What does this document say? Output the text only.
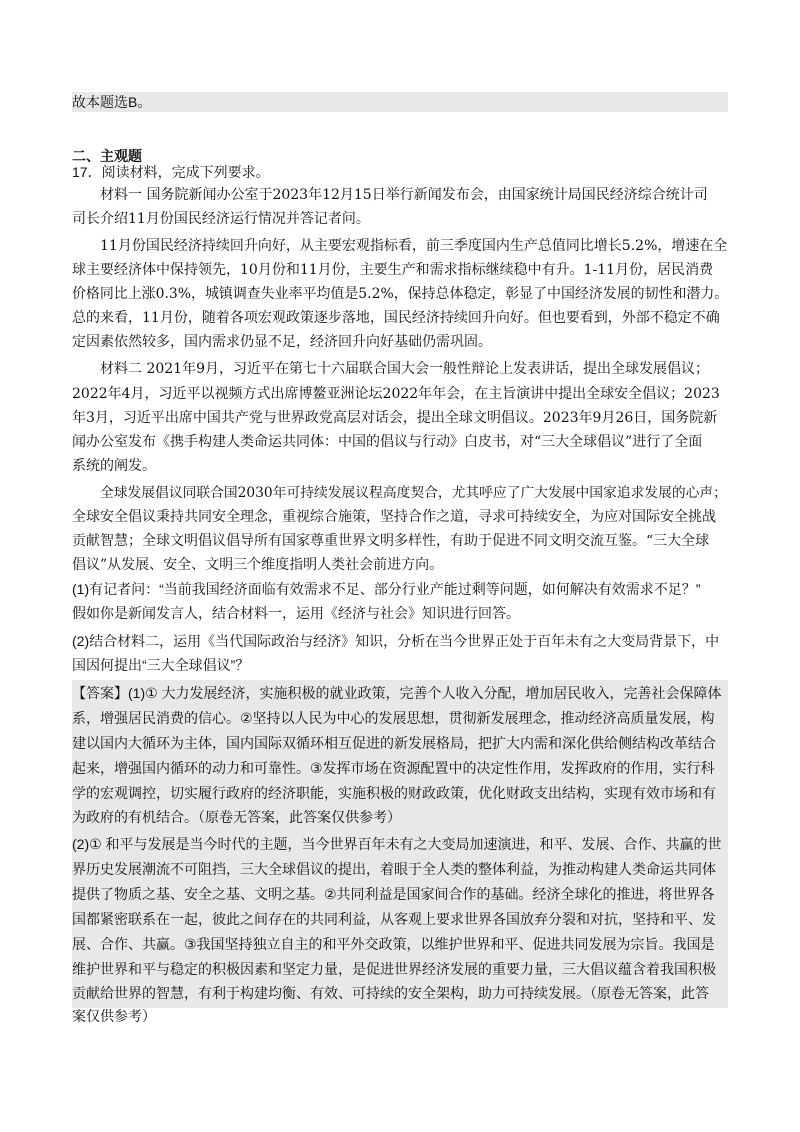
故本题选B。
二、主观题
17．阅读材料，完成下列要求。
材料一 国务院新闻办公室于2023年12月15日举行新闻发布会，由国家统计局国民经济综合统计司
司长介绍11月份国民经济运行情况并答记者问。
11月份国民经济持续回升向好，从主要宏观指标看，前三季度国内生产总值同比增长5.2%，增速在全
球主要经济体中保持领先，10月份和11月份，主要生产和需求指标继续稳中有升。1-11月份，居民消费
价格同比上涨0.3%，城镇调查失业率平均值是5.2%，保持总体稳定，彰显了中国经济发展的韧性和潜力。
总的来看，11月份，随着各项宏观政策逐步落地，国民经济持续回升向好。但也要看到，外部不稳定不确
定因素依然较多，国内需求仍显不足，经济回升向好基础仍需巩固。
材料二 2021年9月，习近平在第七十六届联合国大会一般性辩论上发表讲话，提出全球发展倡议；
2022年4月，习近平以视频方式出席博鳌亚洲论坛2022年年会，在主旨演讲中提出全球安全倡议；2023
年3月，习近平出席中国共产党与世界政党高层对话会，提出全球文明倡议。2023年9月26日，国务院新
闻办公室发布《携手构建人类命运共同体：中国的倡议与行动》白皮书，对“三大全球倡议”进行了全面
系统的阐发。
全球发展倡议同联合国2030年可持续发展议程高度契合，尤其呼应了广大发展中国家追求发展的心声；
全球安全倡议秉持共同安全理念，重视综合施策，坚持合作之道，寻求可持续安全，为应对国际安全挑战
贡献智慧；全球文明倡议倡导所有国家尊重世界文明多样性，有助于促进不同文明交流互鉴。“三大全球
倡议”从发展、安全、文明三个维度指明人类社会前进方向。
(1)有记者问：“当前我国经济面临有效需求不足、部分行业产能过剩等问题，如何解决有效需求不足？”
假如你是新闻发言人，结合材料一，运用《经济与社会》知识进行回答。
(2)结合材料二，运用《当代国际政治与经济》知识，分析在当今世界正处于百年未有之大变局背景下，中
国因何提出“三大全球倡议”？
【答案】(1)① 大力发展经济，实施积极的就业政策，完善个人收入分配，增加居民收入，完善社会保障体
系，增强居民消费的信心。②坚持以人民为中心的发展思想，贯彻新发展理念，推动经济高质量发展，构
建以国内大循环为主体，国内国际双循环相互促进的新发展格局，把扩大内需和深化供给侧结构改革结合
起来，增强国内循环的动力和可靠性。③发挥市场在资源配置中的决定性作用，发挥政府的作用，实行科
学的宏观调控，切实履行政府的经济职能，实施积极的财政政策，优化财政支出结构，实现有效市场和有
为政府的有机结合。（原卷无答案，此答案仅供参考）
(2)① 和平与发展是当今时代的主题，当今世界百年未有之大变局加速演进，和平、发展、合作、共赢的世
界历史发展潮流不可阻挡，三大全球倡议的提出，着眼于全人类的整体利益，为推动构建人类命运共同体
提供了物质之基、安全之基、文明之基。②共同利益是国家间合作的基础。经济全球化的推进，将世界各
国都紧密联系在一起，彼此之间存在的共同利益，从客观上要求世界各国放弃分裂和对抗，坚持和平、发
展、合作、共赢。③我国坚持独立自主的和平外交政策，以维护世界和平、促进共同发展为宗旨。我国是
维护世界和平与稳定的积极因素和坚定力量，是促进世界经济发展的重要力量，三大倡议蕴含着我国积极
贡献给世界的智慧，有利于构建均衡、有效、可持续的安全架构，助力可持续发展。（原卷无答案，此答
案仅供参考）
